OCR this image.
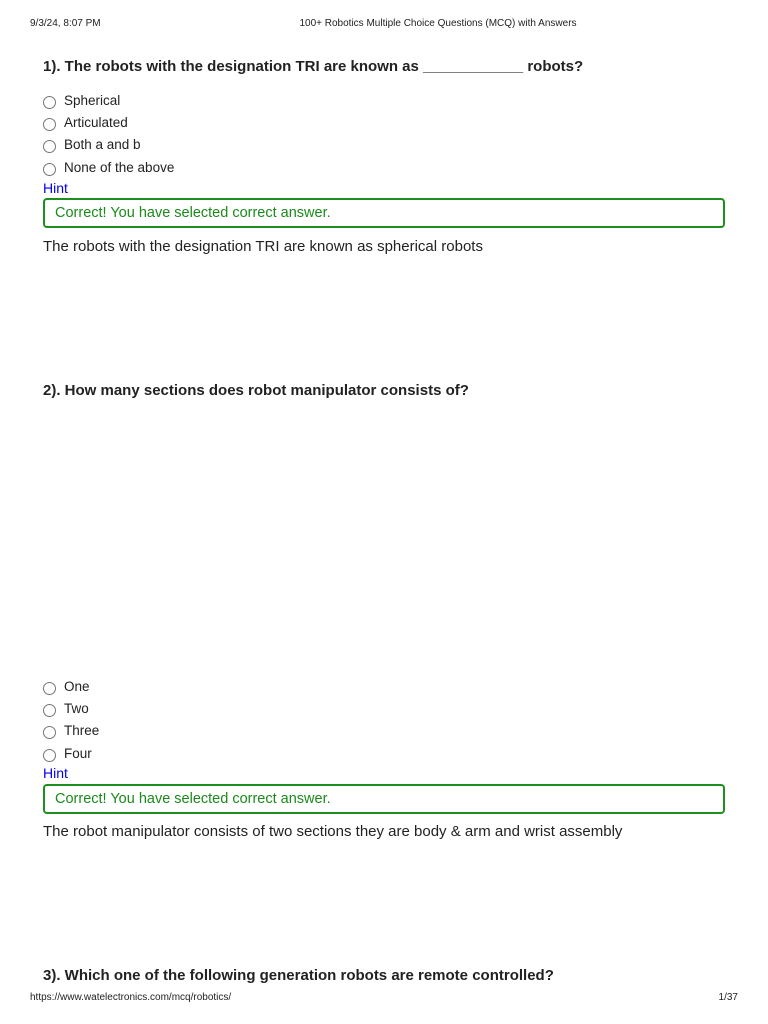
9/3/24, 8:07 PM	100+ Robotics Multiple Choice Questions (MCQ) with Answers

1). The robots with the designation TRI are known as ____________ robots?

Spherical
Articulated
Both a and b
None of the above
Hint
Correct! You have selected correct answer.

The robots with the designation TRI are known as spherical robots

2). How many sections does robot manipulator consists of?

One
Two
Three
Four
Hint
Correct! You have selected correct answer.

The robot manipulator consists of two sections they are body & arm and wrist assembly

3). Which one of the following generation robots are remote controlled?

https://www.watelectronics.com/mcq/robotics/	1/37
